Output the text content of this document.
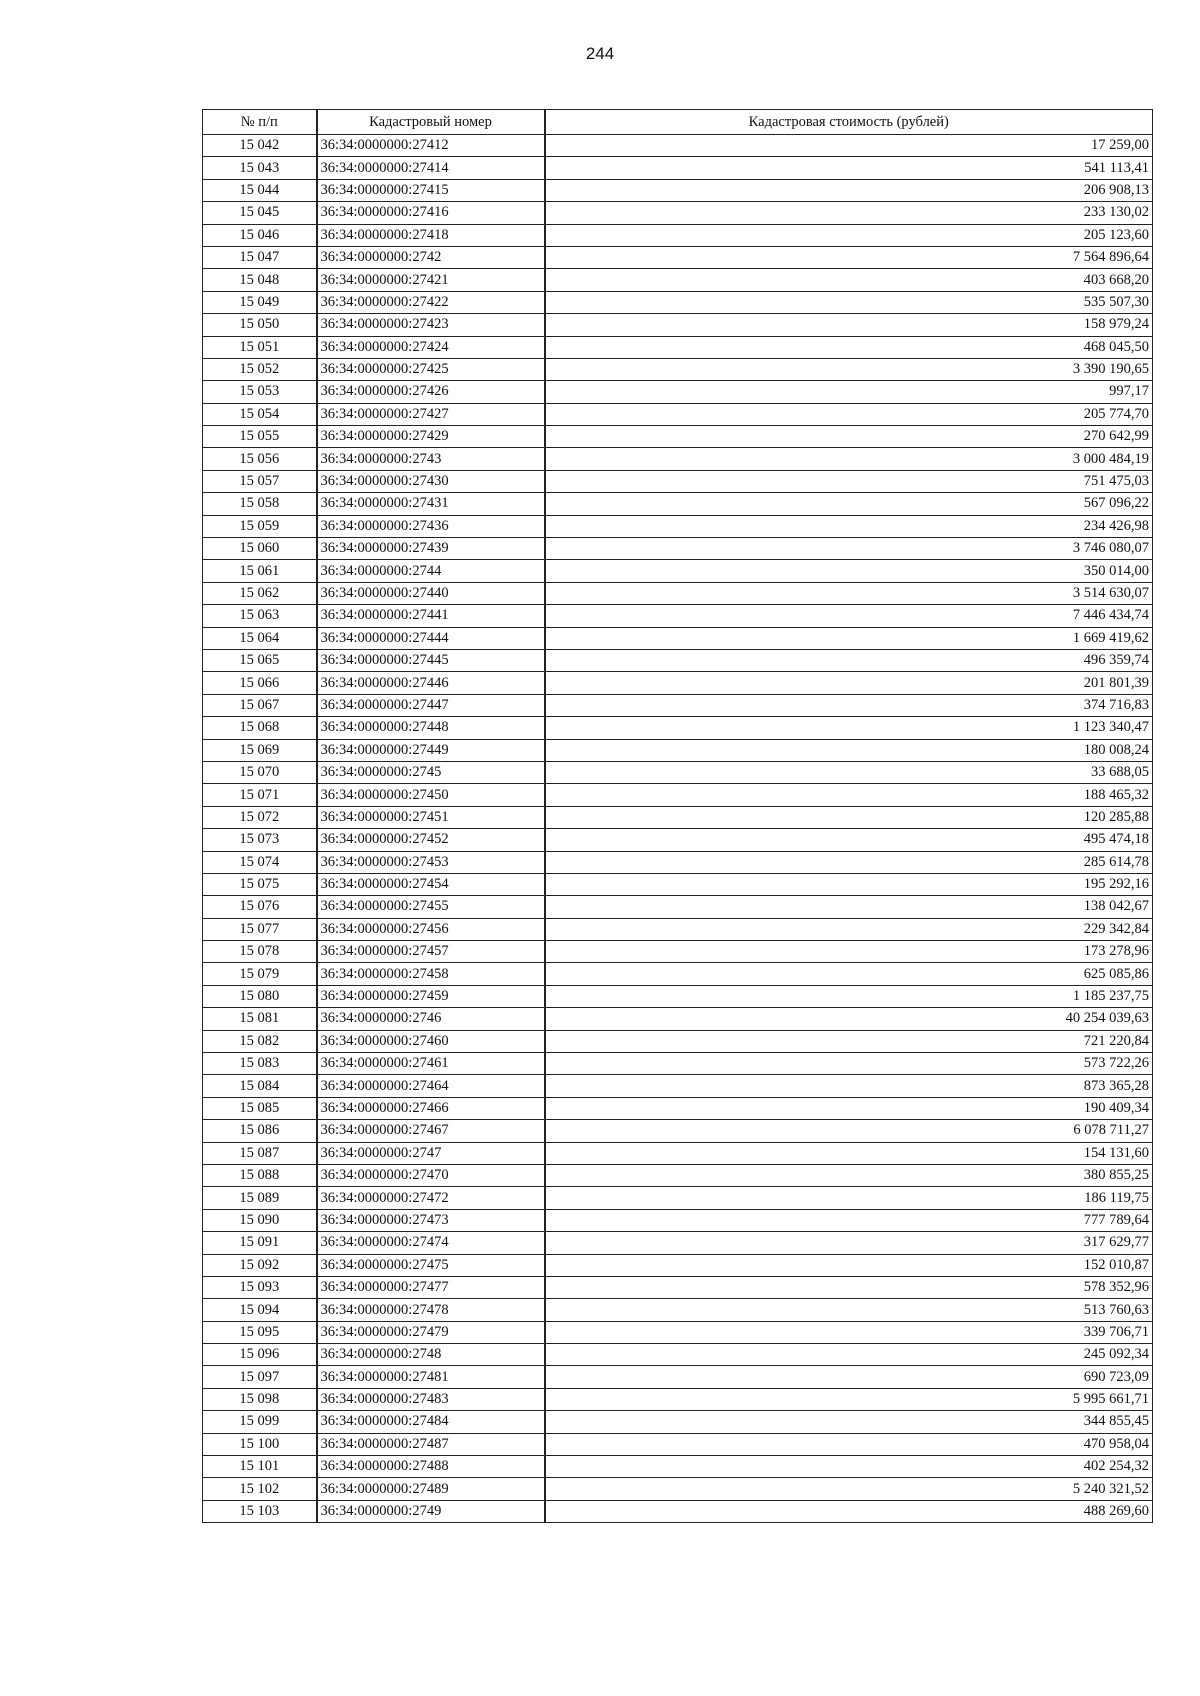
244
№ п/п	Кадастровый номер	Кадастровая стоимость (рублей)
15 042	36:34:0000000:27412	17 259,00
15 043	36:34:0000000:27414	541 113,41
15 044	36:34:0000000:27415	206 908,13
15 045	36:34:0000000:27416	233 130,02
15 046	36:34:0000000:27418	205 123,60
15 047	36:34:0000000:2742	7 564 896,64
15 048	36:34:0000000:27421	403 668,20
15 049	36:34:0000000:27422	535 507,30
15 050	36:34:0000000:27423	158 979,24
15 051	36:34:0000000:27424	468 045,50
15 052	36:34:0000000:27425	3 390 190,65
15 053	36:34:0000000:27426	997,17
15 054	36:34:0000000:27427	205 774,70
15 055	36:34:0000000:27429	270 642,99
15 056	36:34:0000000:2743	3 000 484,19
15 057	36:34:0000000:27430	751 475,03
15 058	36:34:0000000:27431	567 096,22
15 059	36:34:0000000:27436	234 426,98
15 060	36:34:0000000:27439	3 746 080,07
15 061	36:34:0000000:2744	350 014,00
15 062	36:34:0000000:27440	3 514 630,07
15 063	36:34:0000000:27441	7 446 434,74
15 064	36:34:0000000:27444	1 669 419,62
15 065	36:34:0000000:27445	496 359,74
15 066	36:34:0000000:27446	201 801,39
15 067	36:34:0000000:27447	374 716,83
15 068	36:34:0000000:27448	1 123 340,47
15 069	36:34:0000000:27449	180 008,24
15 070	36:34:0000000:2745	33 688,05
15 071	36:34:0000000:27450	188 465,32
15 072	36:34:0000000:27451	120 285,88
15 073	36:34:0000000:27452	495 474,18
15 074	36:34:0000000:27453	285 614,78
15 075	36:34:0000000:27454	195 292,16
15 076	36:34:0000000:27455	138 042,67
15 077	36:34:0000000:27456	229 342,84
15 078	36:34:0000000:27457	173 278,96
15 079	36:34:0000000:27458	625 085,86
15 080	36:34:0000000:27459	1 185 237,75
15 081	36:34:0000000:2746	40 254 039,63
15 082	36:34:0000000:27460	721 220,84
15 083	36:34:0000000:27461	573 722,26
15 084	36:34:0000000:27464	873 365,28
15 085	36:34:0000000:27466	190 409,34
15 086	36:34:0000000:27467	6 078 711,27
15 087	36:34:0000000:2747	154 131,60
15 088	36:34:0000000:27470	380 855,25
15 089	36:34:0000000:27472	186 119,75
15 090	36:34:0000000:27473	777 789,64
15 091	36:34:0000000:27474	317 629,77
15 092	36:34:0000000:27475	152 010,87
15 093	36:34:0000000:27477	578 352,96
15 094	36:34:0000000:27478	513 760,63
15 095	36:34:0000000:27479	339 706,71
15 096	36:34:0000000:2748	245 092,34
15 097	36:34:0000000:27481	690 723,09
15 098	36:34:0000000:27483	5 995 661,71
15 099	36:34:0000000:27484	344 855,45
15 100	36:34:0000000:27487	470 958,04
15 101	36:34:0000000:27488	402 254,32
15 102	36:34:0000000:27489	5 240 321,52
15 103	36:34:0000000:2749	488 269,60
